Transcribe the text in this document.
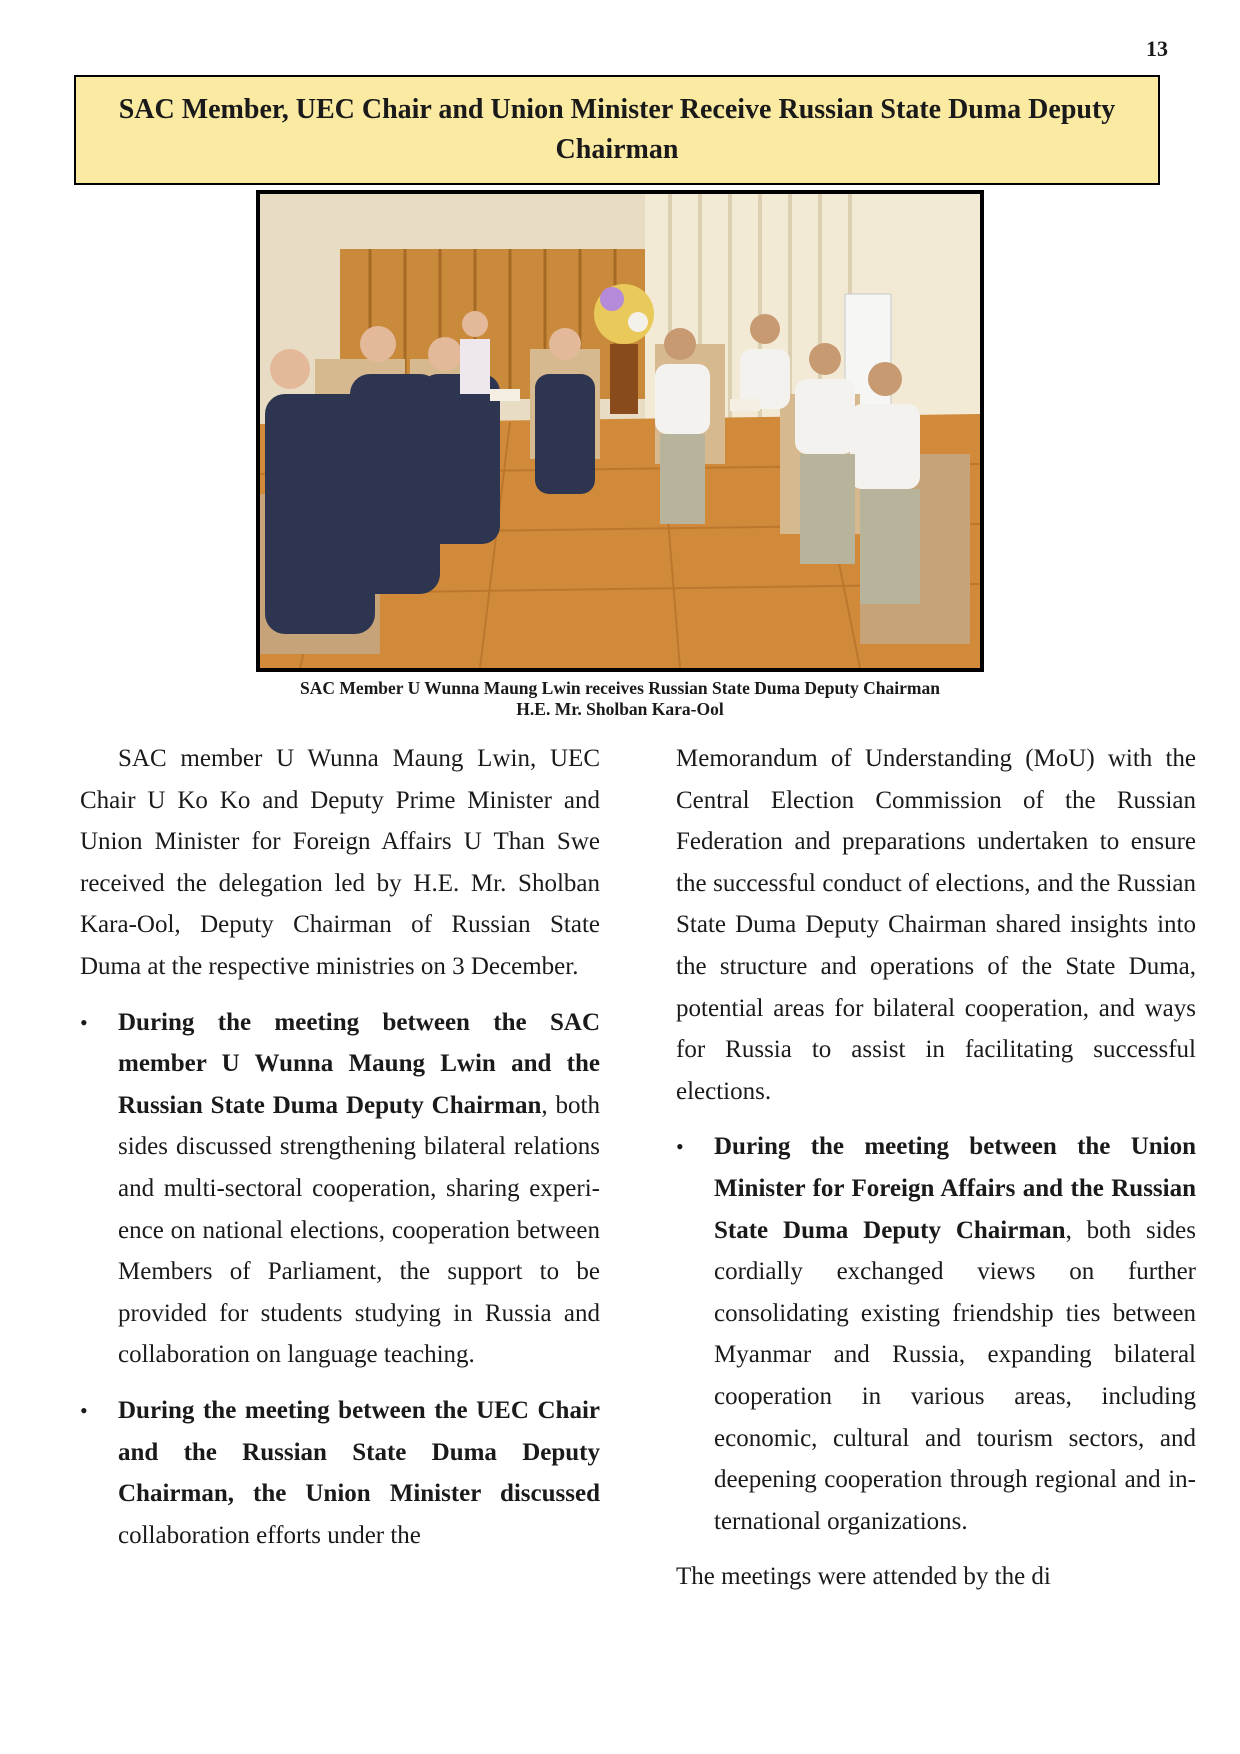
13
SAC Member, UEC Chair and Union Minister Receive Russian State Duma Deputy Chairman
SAC Member U Wunna Maung Lwin receives Russian State Duma Deputy Chairman
H.E. Mr. Sholban Kara-Ool

SAC member U Wunna Maung Lwin, UEC Chair U Ko Ko and Deputy Prime Minister and Union Minister for Foreign Affairs U Than Swe received the delegation led by H.E. Mr. Sholban Kara-Ool, Deputy Chairman of Russian State Duma at the respective ministries on 3 December.

• During the meeting between the SAC member U Wunna Maung Lwin and the Russian State Duma Deputy Chairman, both sides discussed strengthening bilateral relations and multi-sectoral cooperation, sharing experience on national elections, cooperation between Members of Parliament, the support to be provided for students studying in Russia and collaboration on language teaching.
• During the meeting between the UEC Chair and the Russian State Duma Deputy Chairman, the Union Minister discussed collaboration efforts under the

Memorandum of Understanding (MoU) with the Central Election Commission of the Russian Federation and preparations undertaken to ensure the successful conduct of elections, and the Russian State Duma Deputy Chairman shared insights into the structure and operations of the State Duma, potential areas for bilateral cooperation, and ways for Russia to assist in facilitating successful elections.

• During the meeting between the Union Minister for Foreign Affairs and the Russian State Duma Deputy Chairman, both sides cordially exchanged views on further consolidating existing friendship ties between Myanmar and Russia, expanding bilateral cooperation in various areas, including economic, cultural and tourism sectors, and deepening cooperation through regional and international organizations.

The meetings were attended by the di
